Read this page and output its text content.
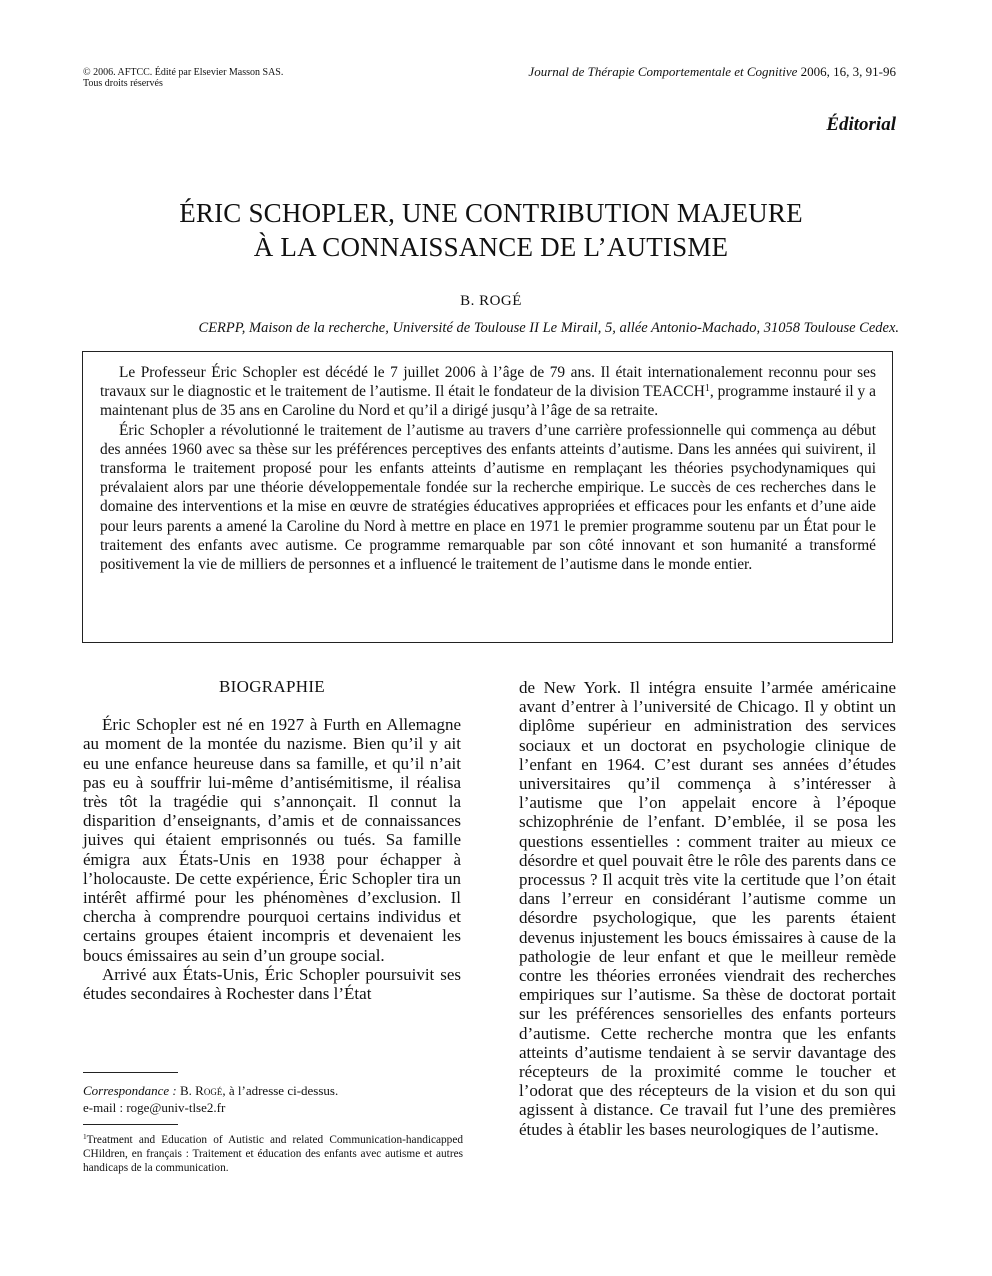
© 2006. AFTCC. Édité par Elsevier Masson SAS.
Tous droits réservés
Journal de Thérapie Comportementale et Cognitive 2006, 16, 3, 91-96
Éditorial
ÉRIC SCHOPLER, UNE CONTRIBUTION MAJEURE
À LA CONNAISSANCE DE L’AUTISME
B. ROGÉ
CERPP, Maison de la recherche, Université de Toulouse II Le Mirail, 5, allée Antonio-Machado, 31058 Toulouse Cedex.

Le Professeur Éric Schopler est décédé le 7 juillet 2006 à l’âge de 79 ans. Il était internationalement reconnu pour ses travaux sur le diagnostic et le traitement de l’autisme. Il était le fondateur de la division TEACCH$^1$, programme instauré il y a maintenant plus de 35 ans en Caroline du Nord et qu’il a dirigé jusqu’à l’âge de sa retraite.

Éric Schopler a révolutionné le traitement de l’autisme au travers d’une carrière professionnelle qui commença au début des années 1960 avec sa thèse sur les préférences perceptives des enfants atteints d’autisme. Dans les années qui suivirent, il transforma le traitement proposé pour les enfants atteints d’autisme en remplaçant les théories psychodynamiques qui prévalaient alors par une théorie développementale fondée sur la recherche empirique. Le succès de ces recherches dans le domaine des interventions et la mise en œuvre de stratégies éducatives appropriées et efficaces pour les enfants et d’une aide pour leurs parents a amené la Caroline du Nord à mettre en place en 1971 le premier programme soutenu par un État pour le traitement des enfants avec autisme. Ce programme remarquable par son côté innovant et son humanité a transformé positivement la vie de milliers de personnes et a influencé le traitement de l’autisme dans le monde entier.

BIOGRAPHIE

Éric Schopler est né en 1927 à Furth en Allemagne au moment de la montée du nazisme. Bien qu’il y ait eu une enfance heureuse dans sa famille, et qu’il n’ait pas eu à souffrir lui-même d’antisémitisme, il réalisa très tôt la tragédie qui s’annonçait. Il connut la disparition d’enseignants, d’amis et de connaissances juives qui étaient emprisonnés ou tués. Sa famille émigra aux États-Unis en 1938 pour échapper à l’holocauste. De cette expérience, Éric Schopler tira un intérêt affirmé pour les phénomènes d’exclusion. Il chercha à comprendre pourquoi certains individus et certains groupes étaient incompris et devenaient les boucs émissaires au sein d’un groupe social.

Arrivé aux États-Unis, Éric Schopler poursuivit ses études secondaires à Rochester dans l’État

de New York. Il intégra ensuite l’armée américaine avant d’entrer à l’université de Chicago. Il y obtint un diplôme supérieur en administration des services sociaux et un doctorat en psychologie clinique de l’enfant en 1964. C’est durant ses années d’études universitaires qu’il commença à s’intéresser à l’autisme que l’on appelait encore à l’époque schizophrénie de l’enfant. D’emblée, il se posa les questions essentielles : comment traiter au mieux ce désordre et quel pouvait être le rôle des parents dans ce processus ? Il acquit très vite la certitude que l’on était dans l’erreur en considérant l’autisme comme un désordre psychologique, que les parents étaient devenus injustement les boucs émissaires à cause de la pathologie de leur enfant et que le meilleur remède contre les théories erronées viendrait des recherches empiriques sur l’autisme. Sa thèse de doctorat portait sur les préférences sensorielles des enfants porteurs d’autisme. Cette recherche montra que les enfants atteints d’autisme tendaient à se servir davantage des récepteurs de la proximité comme le toucher et l’odorat que des récepteurs de la vision et du son qui agissent à distance. Ce travail fut l’une des premières études à établir les bases neurologiques de l’autisme.

Correspondance : B. Rogé, à l’adresse ci-dessus.
e-mail : roge@univ-tlse2.fr
$^1$Treatment and Education of Autistic and related Communication-handicapped CHildren, en français : Traitement et éducation des enfants avec autisme et autres handicaps de la communication.
